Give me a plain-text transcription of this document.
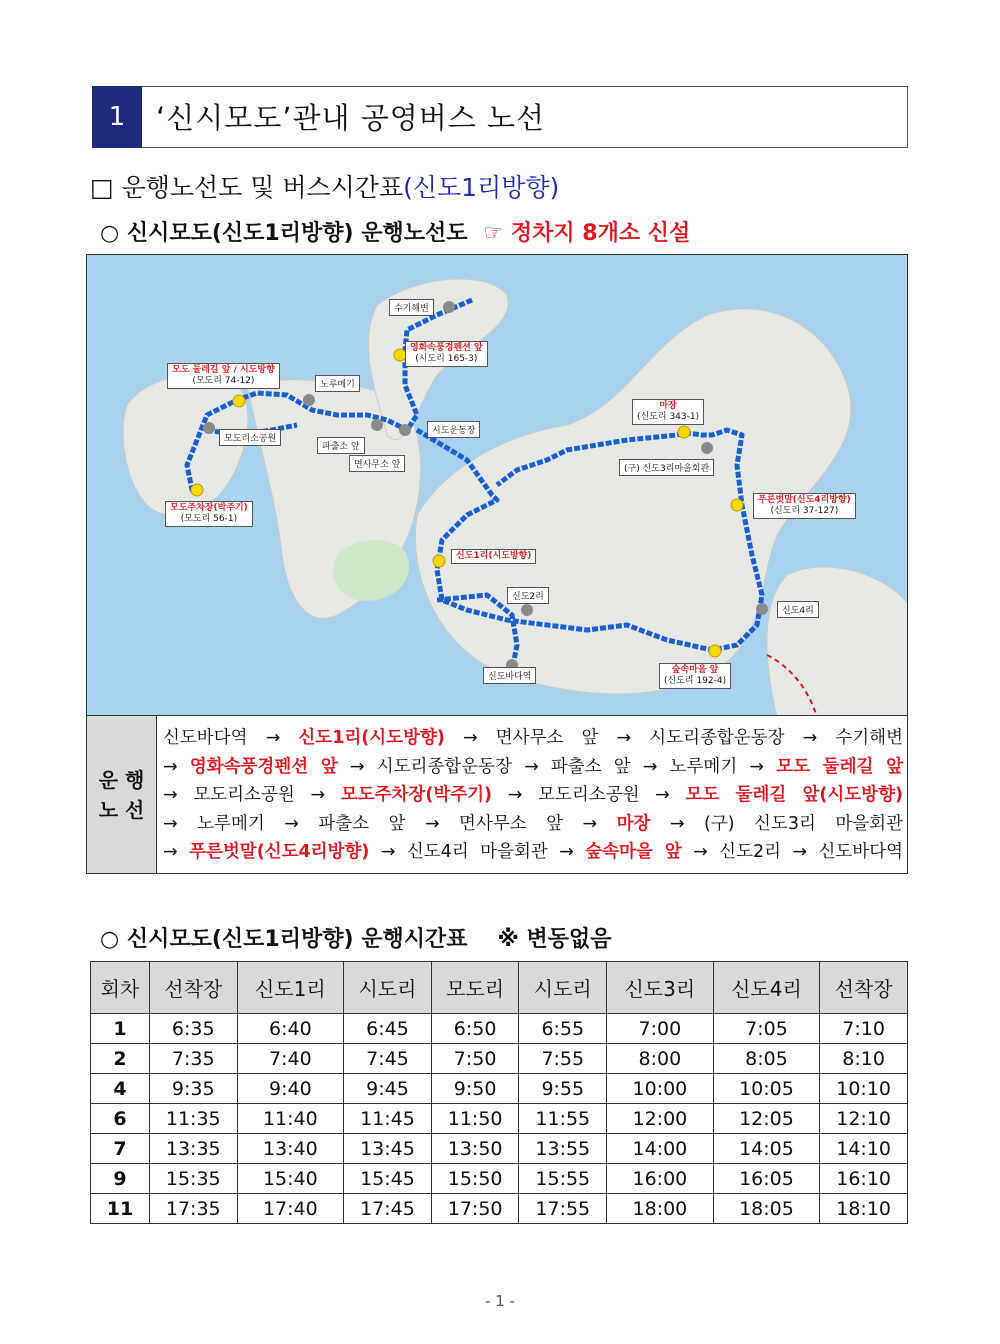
1	‘신시모도’관내 공영버스 노선
□ 운행노선도 및 버스시간표(신도1리방향)
○ 신시모도(신도1리방향) 운행노선도 ☞ 정차지 8개소 신설
영화속풍경펜션 앞
(시도리 165-3)
모도 둘레길 앞 / 시도방향
(모도리 74-12)
모도주차장(박주기)
(모도리 56-1)
마장
(신도리 343-1)
푸른벗말(신도4리방향)
(신도리 37-127)
신도1리(시도방향)
숲속마을 앞
(신도리 192-4)
수기해변
노루메기
모도리소공원
파출소 앞
시도운동장
면사무소 앞	(구) 신도3리마을회관
신도2리
신도4리
신도바다역
운 행
노 선
신도바다역 → 신도1리(시도방향) → 면사무소 앞 → 시도리종합운동장 → 수기해변
→ 영화속풍경펜션 앞 → 시도리종합운동장 → 파출소 앞 → 노루메기 → 모도 둘레길 앞
→ 모도리소공원 → 모도주차장(박주기) → 모도리소공원 → 모도 둘레길 앞(시도방향)
→ 노루메기 → 파출소 앞 → 면사무소 앞 → 마장 → (구) 신도3리 마을회관
→ 푸른벗말(신도4리방향) → 신도4리 마을회관 → 숲속마을 앞 → 신도2리 → 신도바다역
○ 신시모도(신도1리방향) 운행시간표 ※ 변동없음
회차	선착장	신도1리	시도리	모도리	시도리	신도3리	신도4리	선착장
1	6:35	6:40	6:45	6:50	6:55	7:00	7:05	7:10
2	7:35	7:40	7:45	7:50	7:55	8:00	8:05	8:10
4	9:35	9:40	9:45	9:50	9:55	10:00	10:05	10:10
6	11:35	11:40	11:45	11:50	11:55	12:00	12:05	12:10
7	13:35	13:40	13:45	13:50	13:55	14:00	14:05	14:10
9	15:35	15:40	15:45	15:50	15:55	16:00	16:05	16:10
11	17:35	17:40	17:45	17:50	17:55	18:00	18:05	18:10
- 1 -
